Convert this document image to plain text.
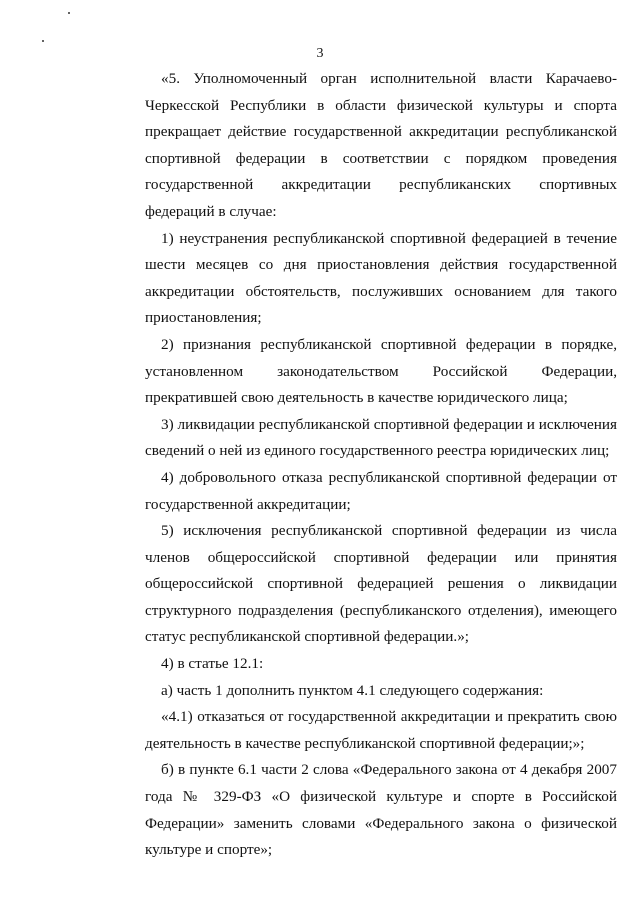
3

«5. Уполномоченный орган исполнительной власти Карачаево-Черкесской Республики в области физической культуры и спорта прекращает действие государственной аккредитации республиканской спортивной федерации в соответствии с порядком проведения государственной аккредитации республиканских спортивных федераций в случае:

1) неустранения республиканской спортивной федерацией в течение шести месяцев со дня приостановления действия государственной аккредитации обстоятельств, послуживших основанием для такого приостановления;

2) признания республиканской спортивной федерации в порядке, установленном законодательством Российской Федерации, прекратившей свою деятельность в качестве юридического лица;

3) ликвидации республиканской спортивной федерации и исключения сведений о ней из единого государственного реестра юридических лиц;

4) добровольного отказа республиканской спортивной федерации от государственной аккредитации;

5) исключения республиканской спортивной федерации из числа членов общероссийской спортивной федерации или принятия общероссийской спортивной федерацией решения о ликвидации структурного подразделения (республиканского отделения), имеющего статус республиканской спортивной федерации.»;

4) в статье 12.1:

а) часть 1 дополнить пунктом 4.1 следующего содержания:

«4.1) отказаться от государственной аккредитации и прекратить свою деятельность в качестве республиканской спортивной федерации;»;

б) в пункте 6.1 части 2 слова «Федерального закона от 4 декабря 2007 года № 329-ФЗ «О физической культуре и спорте в Российской Федерации» заменить словами «Федерального закона о физической культуре и спорте»;
